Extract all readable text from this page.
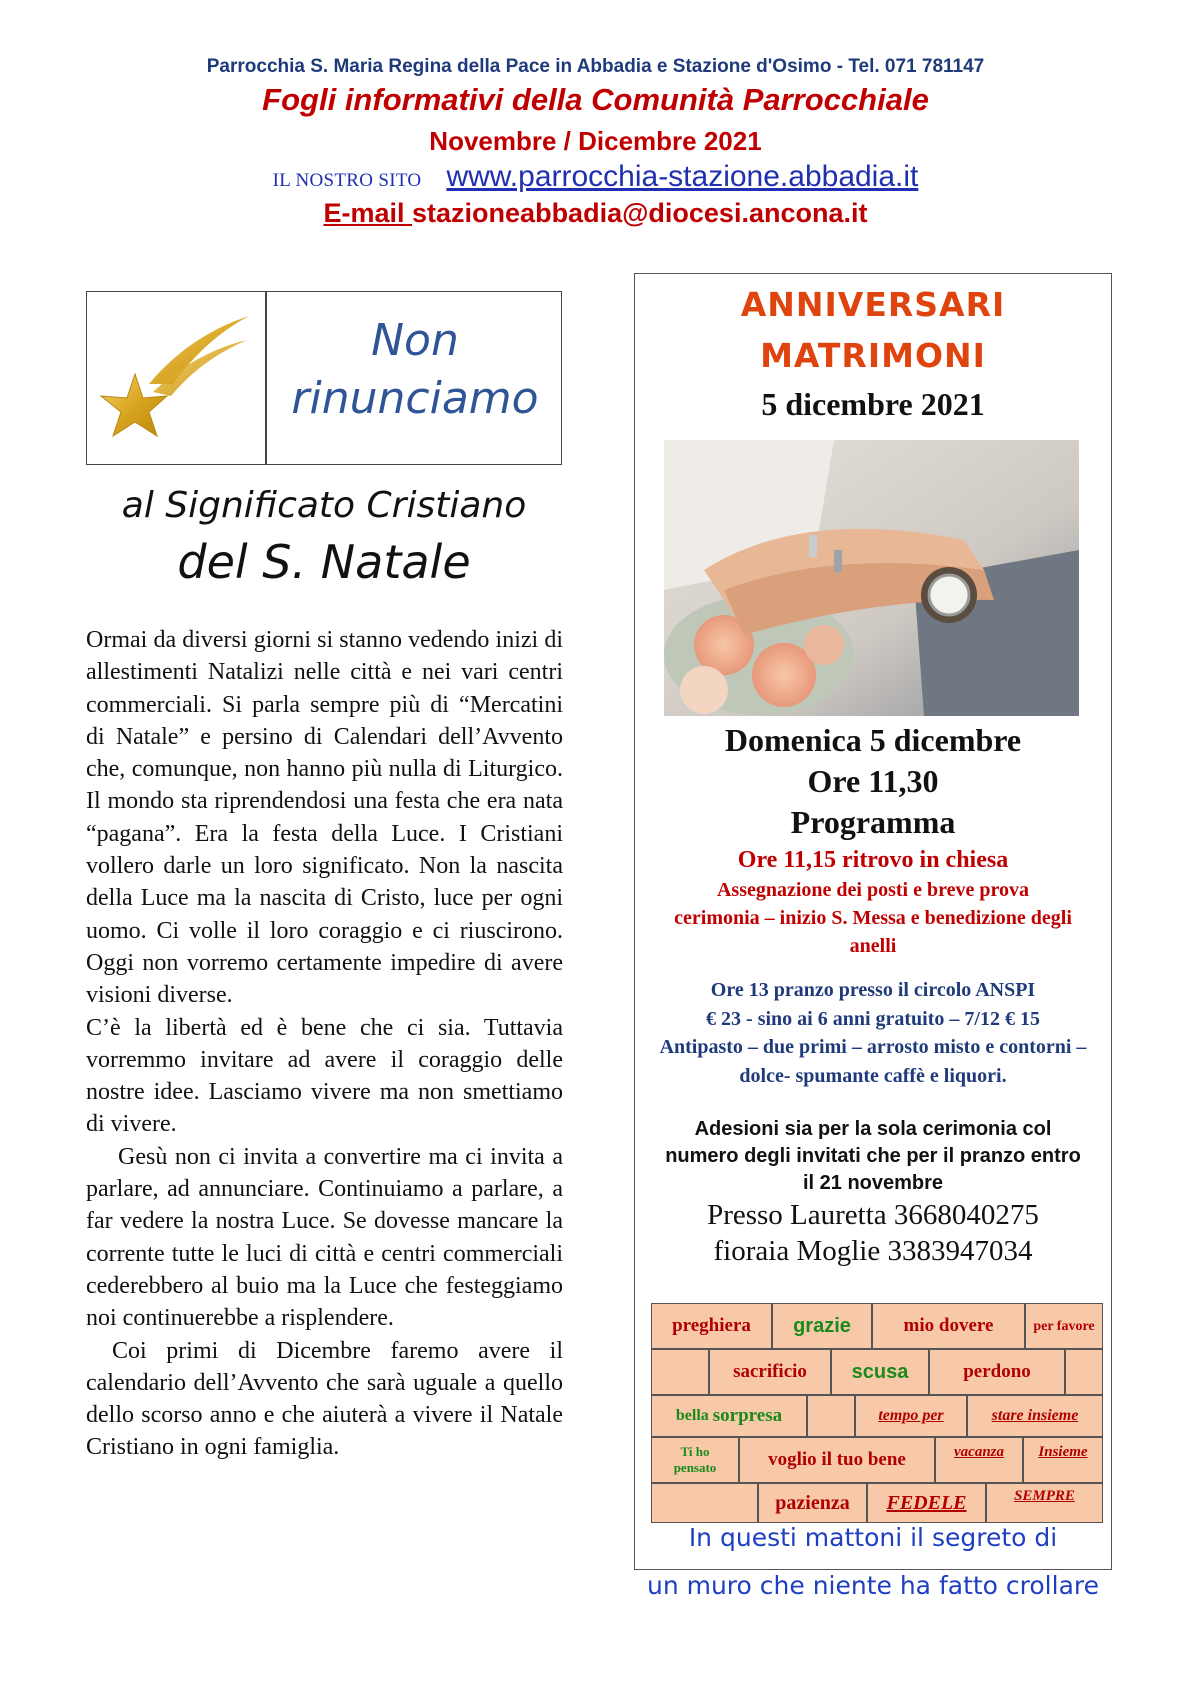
Parrocchia S. Maria Regina della Pace in Abbadia e Stazione d'Osimo - Tel. 071 781147
Fogli informativi della Comunità Parrocchiale
Novembre / Dicembre 2021
IL NOSTRO SITO www.parrocchia-stazione.abbadia.it
E-mail stazioneabbadia@diocesi.ancona.it
Non
rinunciamo
al Significato Cristiano
del S. Natale

Ormai da diversi giorni si stanno vedendo inizi di allestimenti Natalizi nelle città e nei vari centri commerciali. Si parla sempre più di “Mercatini di Natale” e persino di Calendari dell’Avvento che, comunque, non hanno più nulla di Liturgico. Il mondo sta riprendendosi una festa che era nata “pagana”. Era la festa della Luce. I Cristiani vollero darle un loro significato. Non la nascita della Luce ma la nascita di Cristo, luce per ogni uomo. Ci volle il loro coraggio e ci riuscirono. Oggi non vorremo certamente impedire di avere visioni diverse.

C’è la libertà ed è bene che ci sia. Tuttavia vorremmo invitare ad avere il coraggio delle nostre idee. Lasciamo vivere ma non smettiamo di vivere.

Gesù non ci invita a convertire ma ci invita a parlare, ad annunciare. Continuiamo a parlare, a far vedere la nostra Luce. Se dovesse mancare la corrente tutte le luci di città e centri commerciali cederebbero al buio ma la Luce che festeggiamo noi continuerebbe a risplendere.

Coi primi di Dicembre faremo avere il calendario dell’Avvento che sarà uguale a quello dello scorso anno e che aiuterà a vivere il Natale Cristiano in ogni famiglia.

ANNIVERSARI
MATRIMONI
5 dicembre 2021
Domenica 5 dicembre
Ore 11,30
Programma
Ore 11,15 ritrovo in chiesa
Assegnazione dei posti e breve prova cerimonia – inizio S. Messa e benedizione degli anelli
Ore 13 pranzo presso il circolo ANSPI
€ 23 - sino ai 6 anni gratuito – 7/12 € 15
Antipasto – due primi – arrosto misto e contorni – dolce- spumante caffè e liquori.
Adesioni sia per la sola cerimonia col numero degli invitati che per il pranzo entro il 21 novembre
Presso Lauretta 3668040275
fioraia Moglie 3383947034
preghiera	grazie	mio dovere	per favore
sacrificio	scusa	perdono
bella sorpresa	tempo per	stare insieme
Ti ho pensato	voglio il tuo bene	vacanza	Insieme
pazienza	FEDELE	SEMPRE
In questi mattoni il segreto di
un muro che niente ha fatto crollare
